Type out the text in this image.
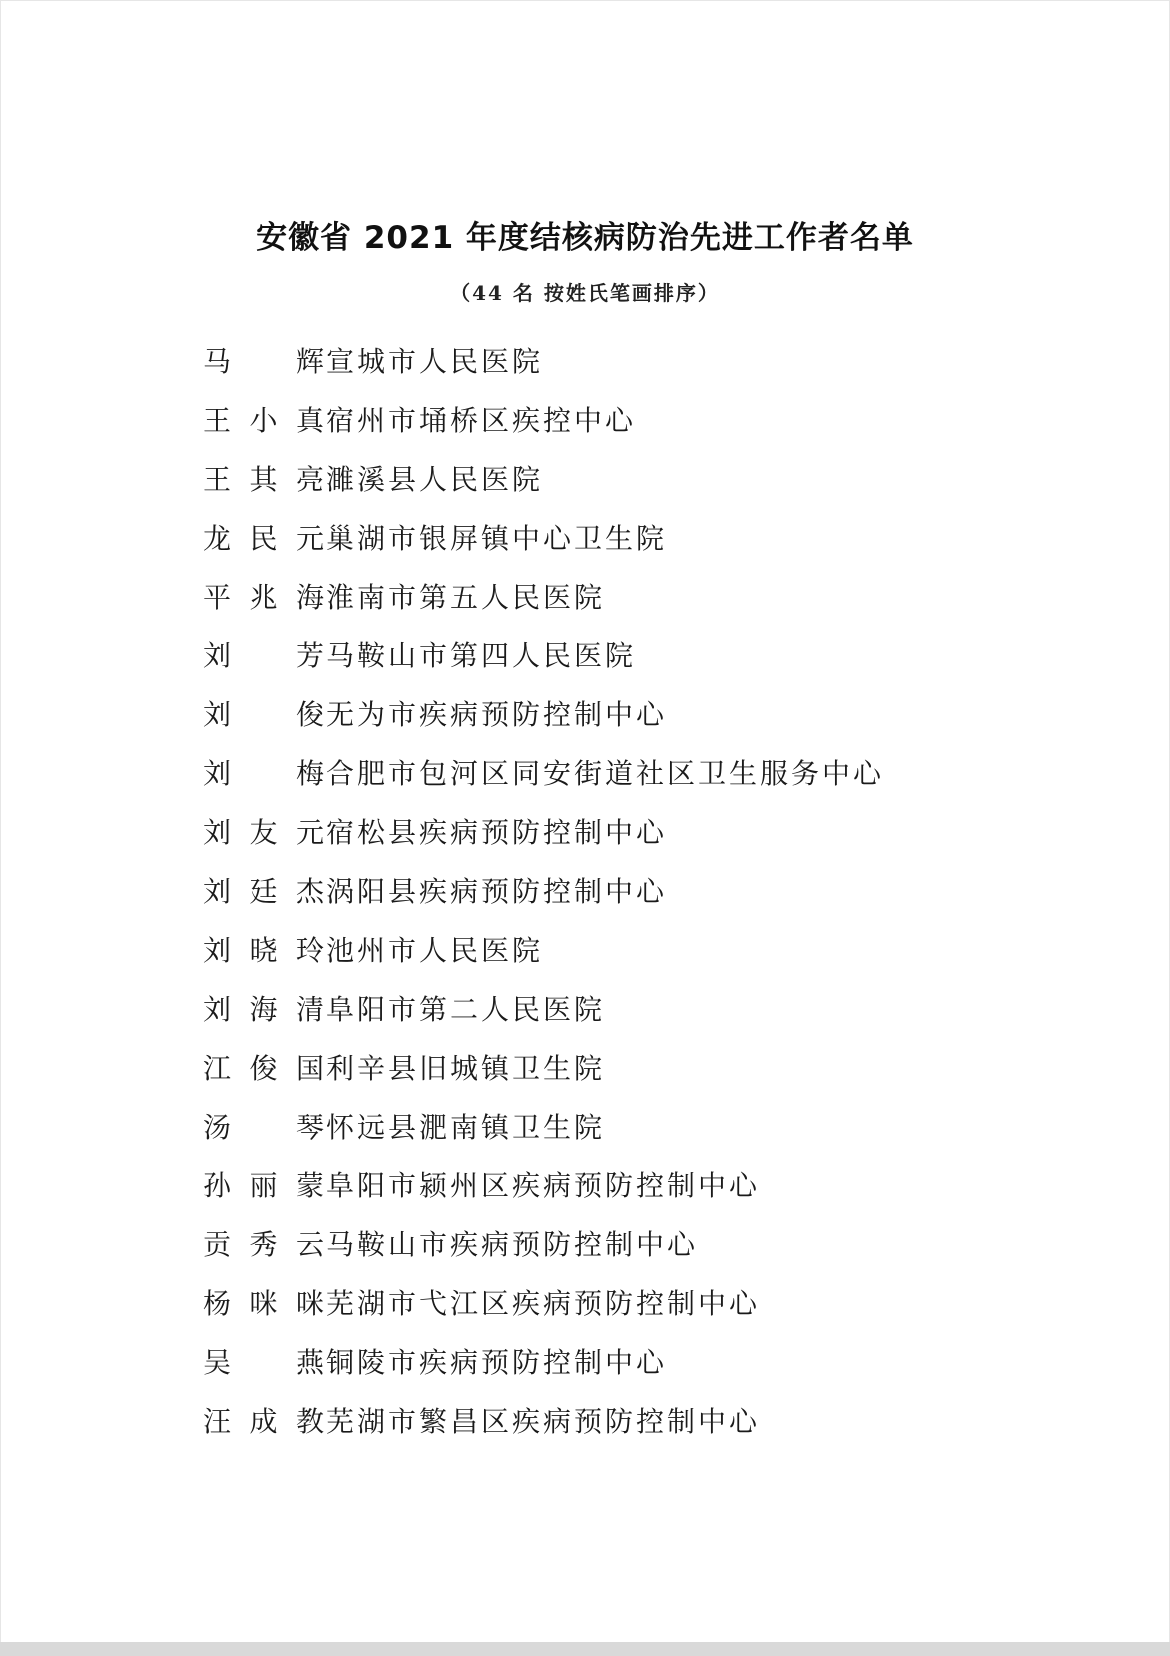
安徽省 2021 年度结核病防治先进工作者名单
（44 名 按姓氏笔画排序）
马 辉 宣城市人民医院
王小真 宿州市埇桥区疾控中心
王其亮 濉溪县人民医院
龙民元 巢湖市银屏镇中心卫生院
平兆海 淮南市第五人民医院
刘 芳 马鞍山市第四人民医院
刘 俊 无为市疾病预防控制中心
刘 梅 合肥市包河区同安街道社区卫生服务中心
刘友元 宿松县疾病预防控制中心
刘廷杰 涡阳县疾病预防控制中心
刘晓玲 池州市人民医院
刘海清 阜阳市第二人民医院
江俊国 利辛县旧城镇卫生院
汤 琴 怀远县淝南镇卫生院
孙丽蒙 阜阳市颍州区疾病预防控制中心
贡秀云 马鞍山市疾病预防控制中心
杨咪咪 芜湖市弋江区疾病预防控制中心
吴 燕 铜陵市疾病预防控制中心
汪成教 芜湖市繁昌区疾病预防控制中心
